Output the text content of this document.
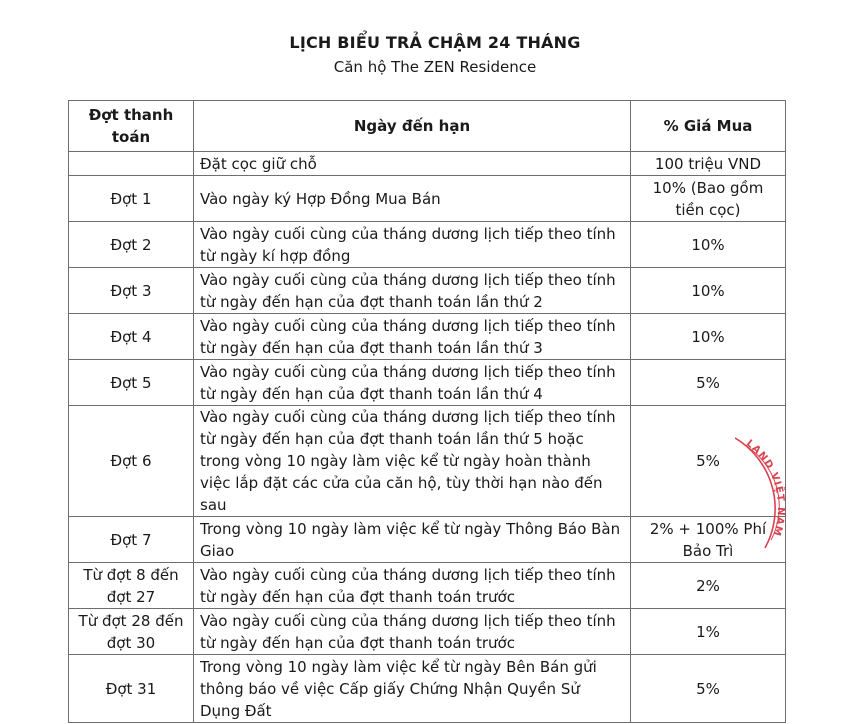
LỊCH BIỂU TRẢ CHẬM 24 THÁNG
Căn hộ The ZEN Residence
Đợt thanh toán	Ngày đến hạn	% Giá Mua
	Đặt cọc giữ chỗ	100 triệu VND
Đợt 1	Vào ngày ký Hợp Đồng Mua Bán	10% (Bao gồm tiền cọc)
Đợt 2	Vào ngày cuối cùng của tháng dương lịch tiếp theo tính từ ngày kí hợp đồng	10%
Đợt 3	Vào ngày cuối cùng của tháng dương lịch tiếp theo tính từ ngày đến hạn của đợt thanh toán lần thứ 2	10%
Đợt 4	Vào ngày cuối cùng của tháng dương lịch tiếp theo tính từ ngày đến hạn của đợt thanh toán lần thứ 3	10%
Đợt 5	Vào ngày cuối cùng của tháng dương lịch tiếp theo tính từ ngày đến hạn của đợt thanh toán lần thứ 4	5%
Đợt 6	Vào ngày cuối cùng của tháng dương lịch tiếp theo tính từ ngày đến hạn của đợt thanh toán lần thứ 5 hoặc trong vòng 10 ngày làm việc kể từ ngày hoàn thành việc lắp đặt các cửa của căn hộ, tùy thời hạn nào đến sau	5%
Đợt 7	Trong vòng 10 ngày làm việc kể từ ngày Thông Báo Bàn Giao	2% + 100% Phí Bảo Trì
Từ đợt 8 đến đợt 27	Vào ngày cuối cùng của tháng dương lịch tiếp theo tính từ ngày đến hạn của đợt thanh toán trước	2%
Từ đợt 28 đến đợt 30	Vào ngày cuối cùng của tháng dương lịch tiếp theo tính từ ngày đến hạn của đợt thanh toán trước	1%
Đợt 31	Trong vòng 10 ngày làm việc kể từ ngày Bên Bán gửi thông báo về việc Cấp giấy Chứng Nhận Quyền Sử Dụng Đất	5%
LAND VIỆT NAM
